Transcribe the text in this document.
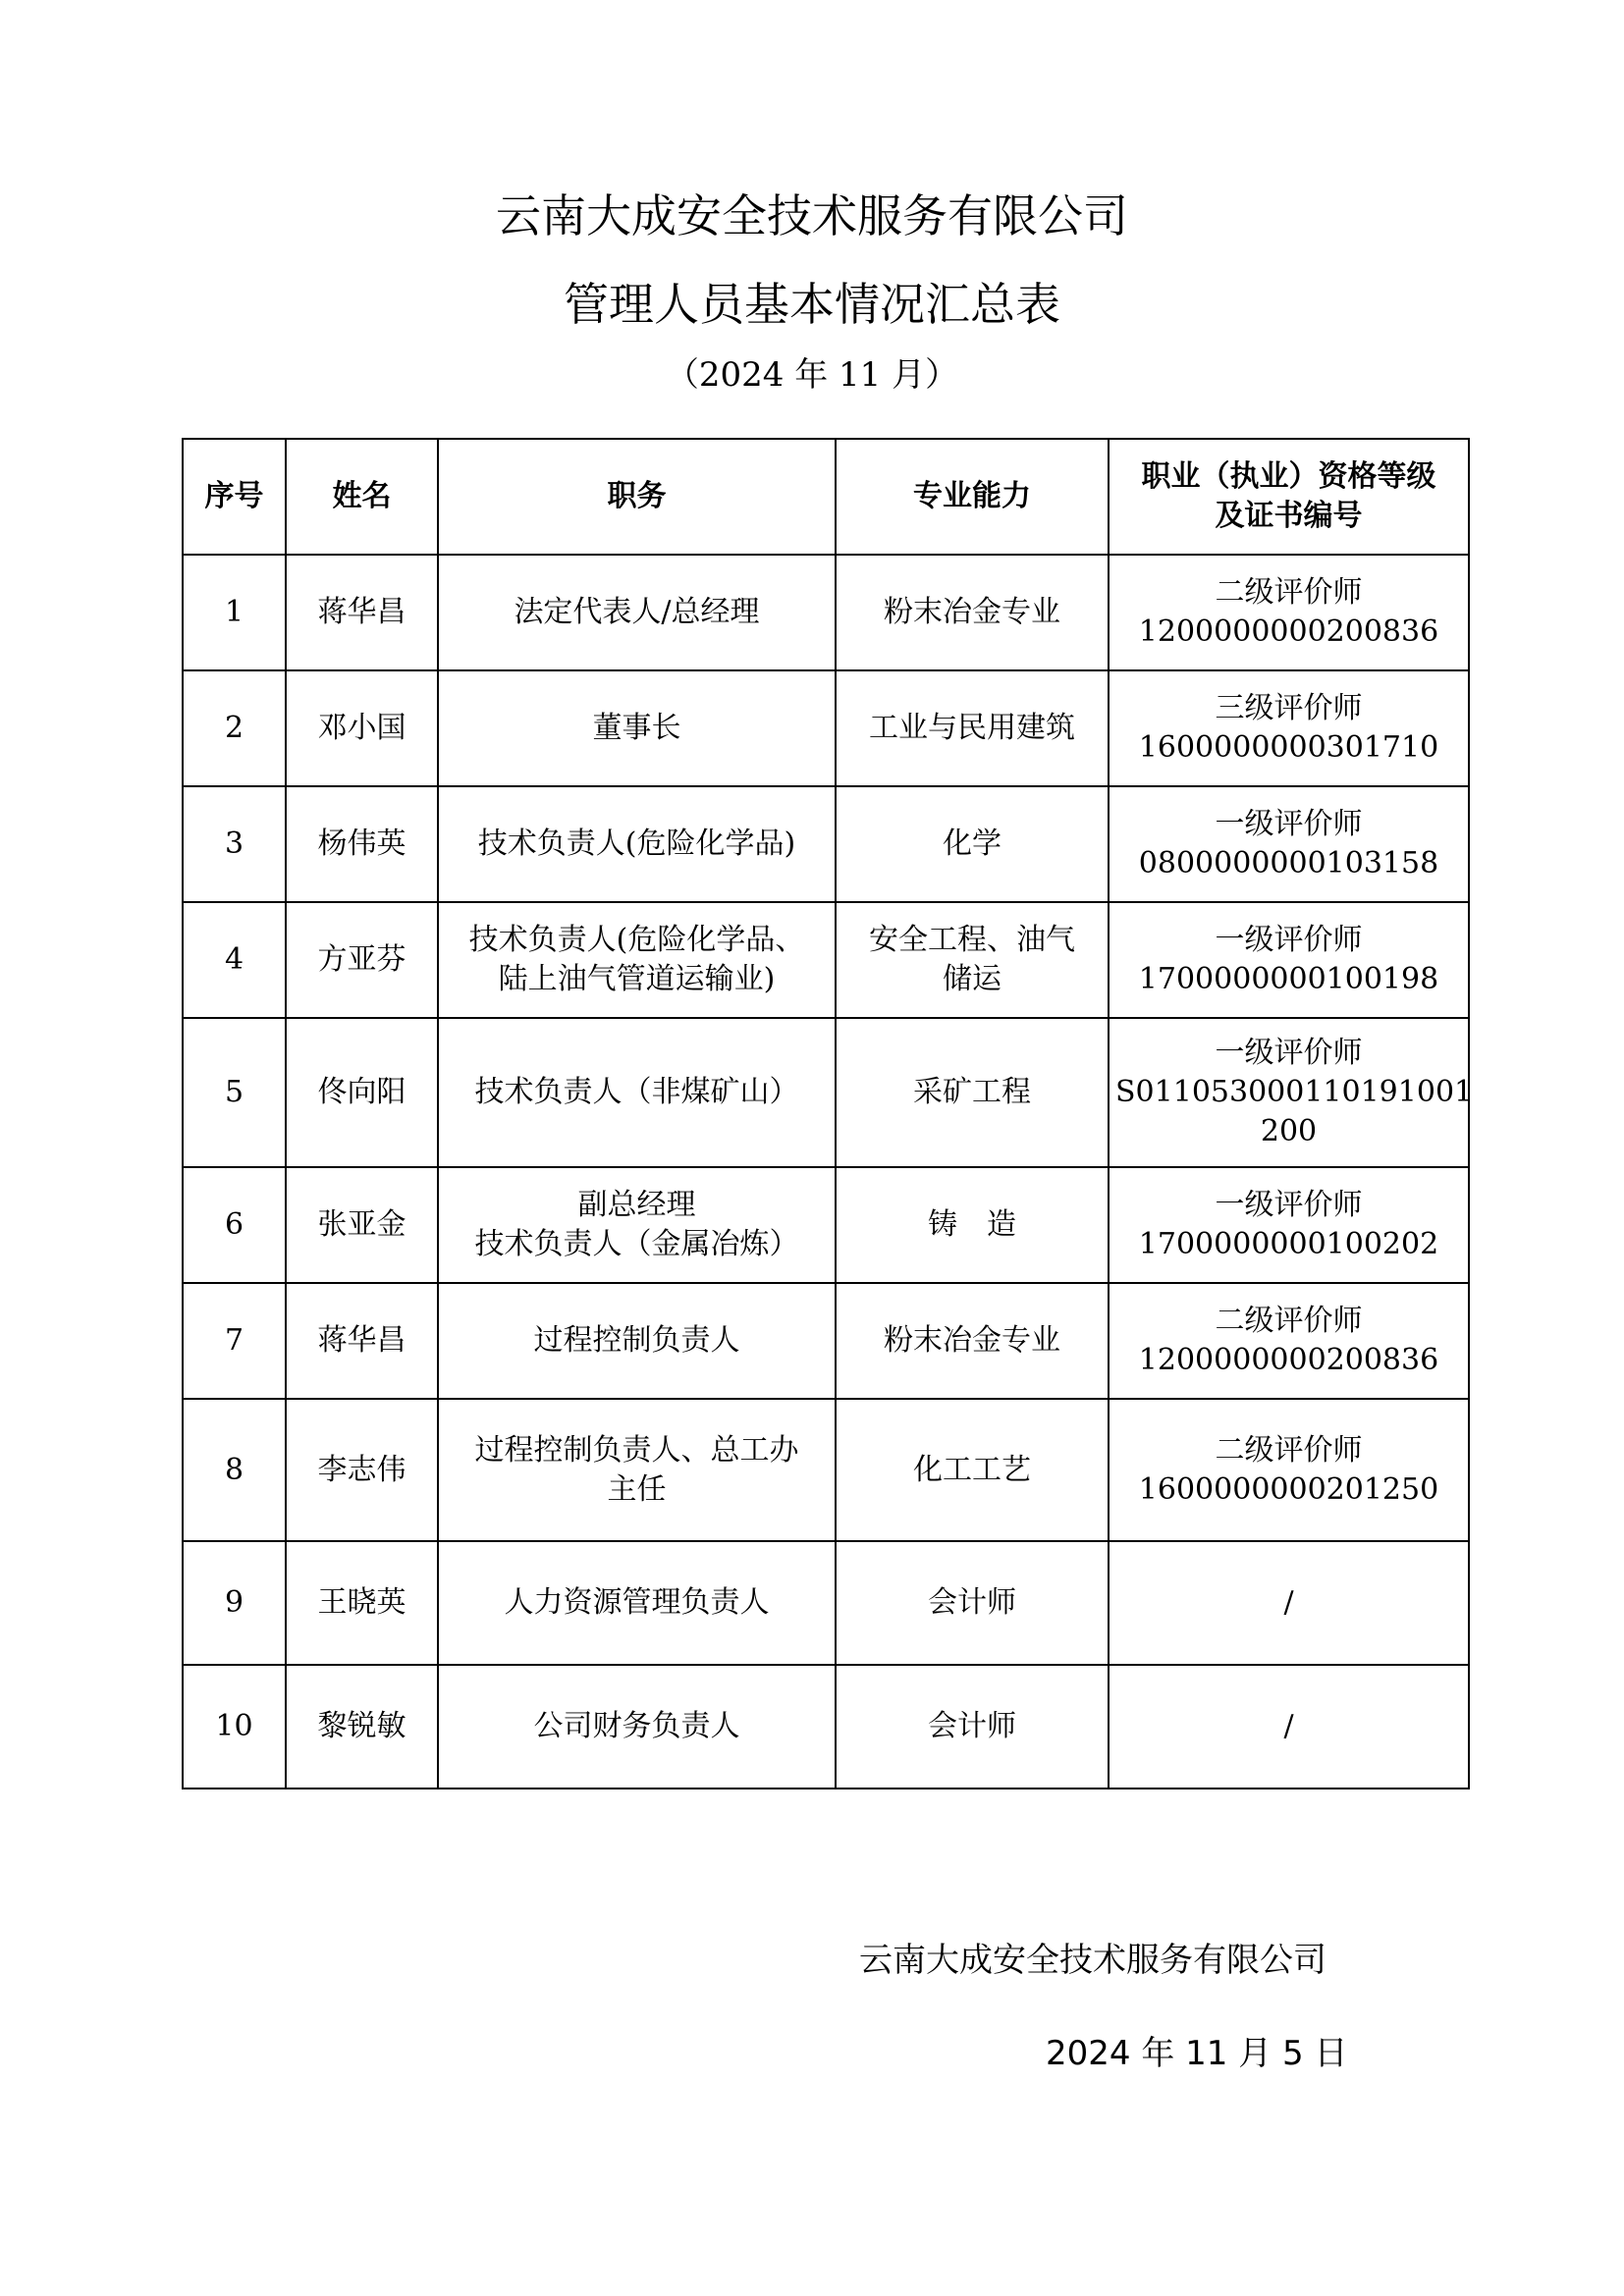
云南大成安全技术服务有限公司
管理人员基本情况汇总表
（2024 年 11 月）
序号	姓名	职务	专业能力	职业（执业）资格等级
及证书编号

1	蒋华昌	法定代表人/总经理	粉末冶金专业	二级评价师
1200000000200836

2	邓小国	董事长	工业与民用建筑	三级评价师
1600000000301710

3	杨伟英	技术负责人(危险化学品)	化学	一级评价师
0800000000103158

4	方亚芬	技术负责人(危险化学品、
陆上油气管道运输业)	安全工程、油气
储运	一级评价师
1700000000100198

5	佟向阳	技术负责人（非煤矿山）	采矿工程	一级评价师
S011053000110191001
200

6	张亚金	副总经理
技术负责人（金属冶炼）	铸　造	一级评价师
1700000000100202

7	蒋华昌	过程控制负责人	粉末冶金专业	二级评价师
1200000000200836

8	李志伟	过程控制负责人、总工办
主任	化工工艺	二级评价师
1600000000201250

9	王晓英	人力资源管理负责人	会计师	/

10	黎锐敏	公司财务负责人	会计师	/
云南大成安全技术服务有限公司
2024 年 11 月 5 日
